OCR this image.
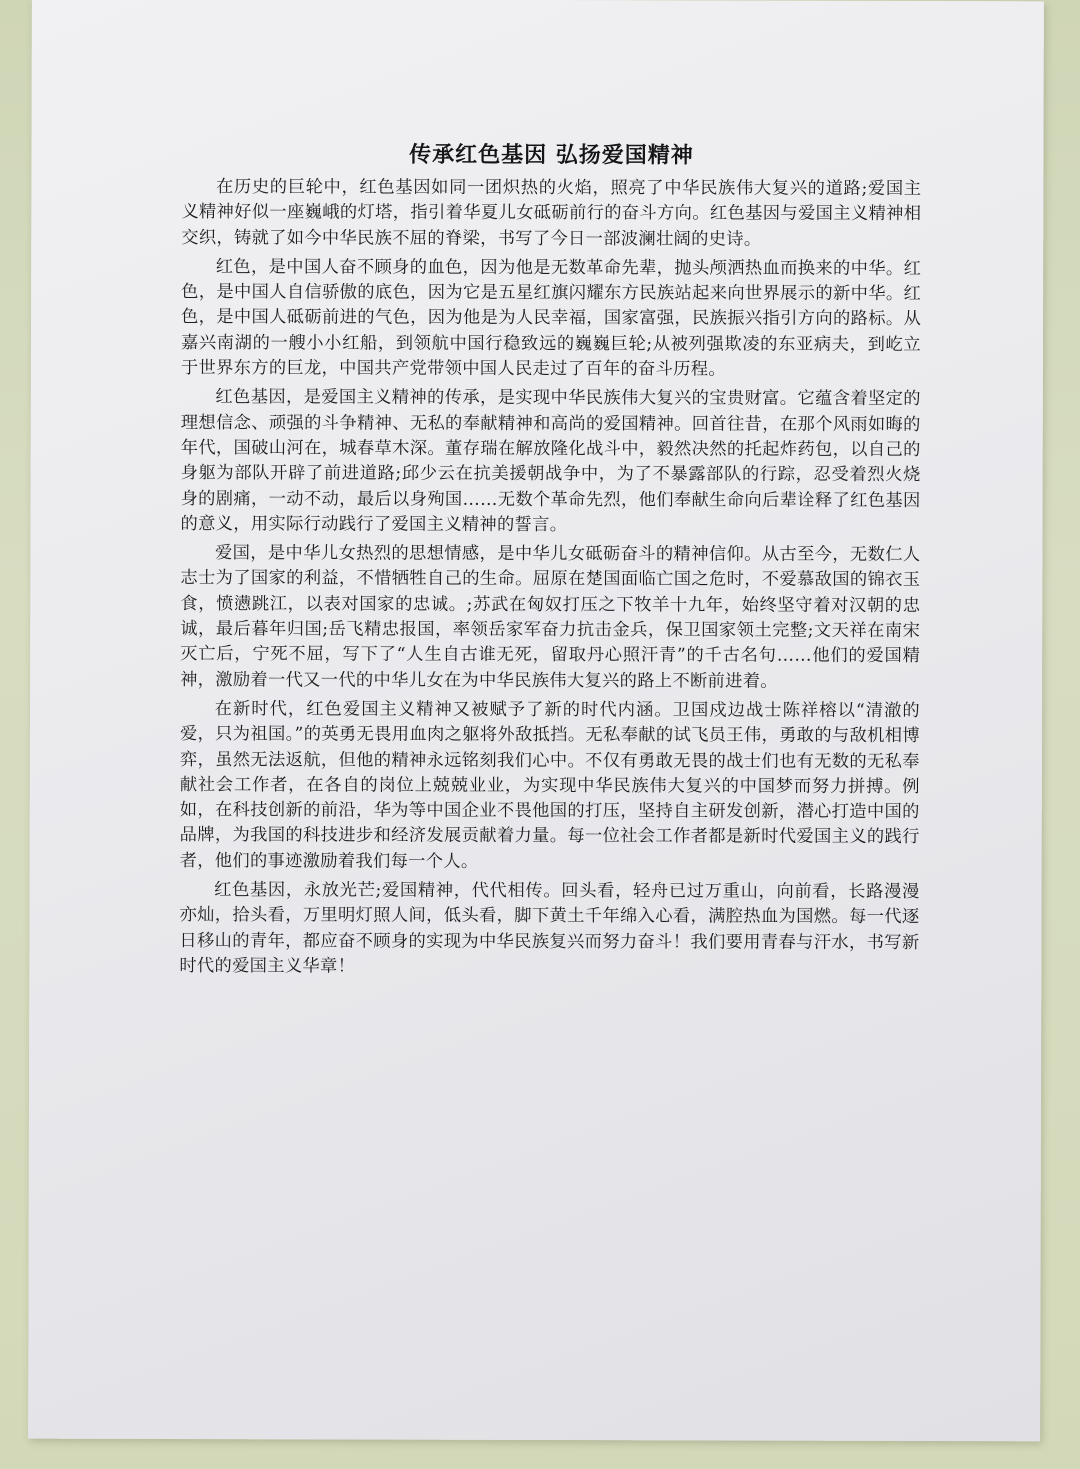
传承红色基因 弘扬爱国精神

在历史的巨轮中，红色基因如同一团炽热的火焰，照亮了中华民族伟大复兴的道路;爱国主义精神好似一座巍峨的灯塔，指引着华夏儿女砥砺前行的奋斗方向。红色基因与爱国主义精神相交织，铸就了如今中华民族不屈的脊梁，书写了今日一部波澜壮阔的史诗。

红色，是中国人奋不顾身的血色，因为他是无数革命先辈，抛头颅洒热血而换来的中华。红色，是中国人自信骄傲的底色，因为它是五星红旗闪耀东方民族站起来向世界展示的新中华。红色，是中国人砥砺前进的气色，因为他是为人民幸福，国家富强，民族振兴指引方向的路标。从嘉兴南湖的一艘小小红船，到领航中国行稳致远的巍巍巨轮;从被列强欺凌的东亚病夫，到屹立于世界东方的巨龙，中国共产党带领中国人民走过了百年的奋斗历程。

红色基因，是爱国主义精神的传承，是实现中华民族伟大复兴的宝贵财富。它蕴含着坚定的理想信念、顽强的斗争精神、无私的奉献精神和高尚的爱国精神。回首往昔，在那个风雨如晦的年代，国破山河在，城春草木深。董存瑞在解放隆化战斗中，毅然决然的托起炸药包，以自己的身躯为部队开辟了前进道路;邱少云在抗美援朝战争中，为了不暴露部队的行踪，忍受着烈火烧身的剧痛，一动不动，最后以身殉国……无数个革命先烈，他们奉献生命向后辈诠释了红色基因的意义，用实际行动践行了爱国主义精神的誓言。

爱国，是中华儿女热烈的思想情感，是中华儿女砥砺奋斗的精神信仰。从古至今，无数仁人志士为了国家的利益，不惜牺牲自己的生命。屈原在楚国面临亡国之危时，不爱慕敌国的锦衣玉食，愤懑跳江，以表对国家的忠诚。;苏武在匈奴打压之下牧羊十九年，始终坚守着对汉朝的忠诚，最后暮年归国;岳飞精忠报国，率领岳家军奋力抗击金兵，保卫国家领土完整;文天祥在南宋灭亡后，宁死不屈，写下了“人生自古谁无死，留取丹心照汗青”的千古名句……他们的爱国精神，激励着一代又一代的中华儿女在为中华民族伟大复兴的路上不断前进着。

在新时代，红色爱国主义精神又被赋予了新的时代内涵。卫国戍边战士陈祥榕以“清澈的爱，只为祖国。”的英勇无畏用血肉之躯将外敌抵挡。无私奉献的试飞员王伟，勇敢的与敌机相博弈，虽然无法返航，但他的精神永远铭刻我们心中。不仅有勇敢无畏的战士们也有无数的无私奉献社会工作者，在各自的岗位上兢兢业业，为实现中华民族伟大复兴的中国梦而努力拼搏。例如，在科技创新的前沿，华为等中国企业不畏他国的打压，坚持自主研发创新，潜心打造中国的品牌，为我国的科技进步和经济发展贡献着力量。每一位社会工作者都是新时代爱国主义的践行者，他们的事迹激励着我们每一个人。

红色基因，永放光芒;爱国精神，代代相传。回头看，轻舟已过万重山，向前看，长路漫漫亦灿，拾头看，万里明灯照人间，低头看，脚下黄土千年绵入心看，满腔热血为国燃。每一代逐日移山的青年，都应奋不顾身的实现为中华民族复兴而努力奋斗！我们要用青春与汗水，书写新时代的爱国主义华章！
